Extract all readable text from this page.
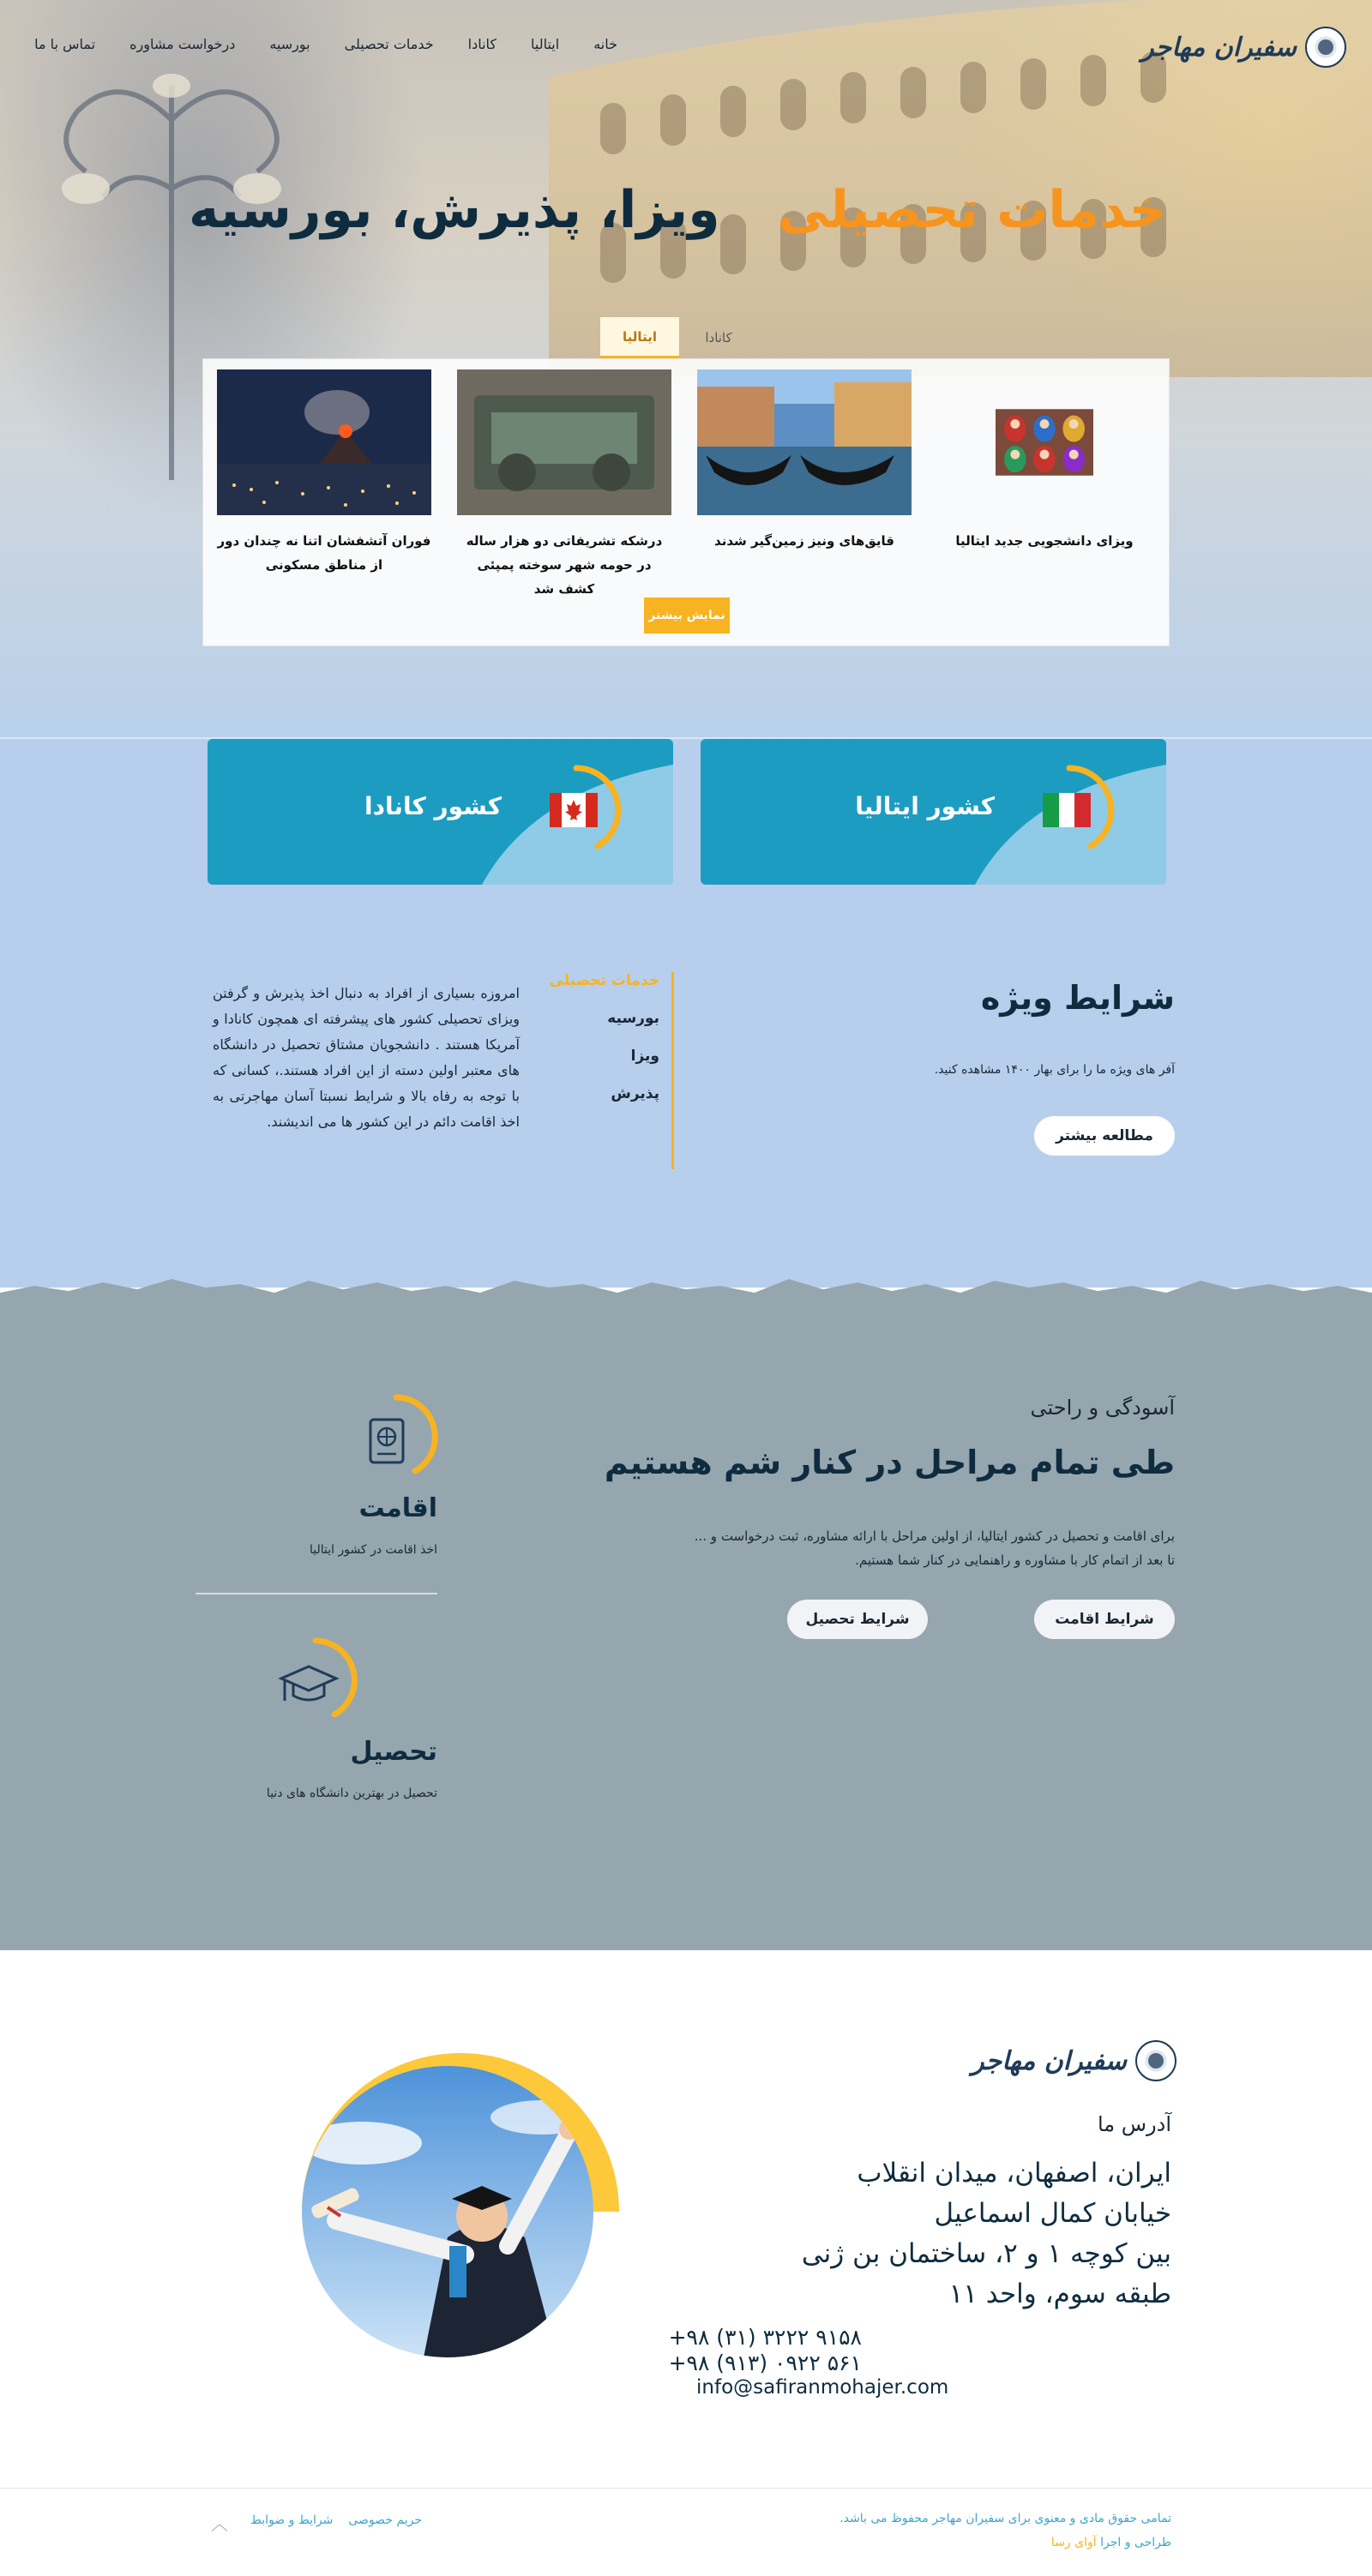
سفیران مهاجر
خانه
ایتالیا
کانادا
خدمات تحصیلی
بورسیه
درخواست مشاوره
تماس با ما
خدمات تحصیلی
ویزا، پذیرش، بورسیه
ایتالیا	کانادا
فوران آتشفشان اتنا نه چندان دور از مناطق مسکونی
درشکه تشریفاتی دو هزار ساله در حومه شهر سوخته پمپئی کشف شد
قایق‌های ونیز زمین‌گیر شدند	ویزای دانشجویی جدید ایتالیا
نمایش بیشتر
کشور ایتالیا
کشور کانادا
شرایط ویژه
آفر های ویژه ما را برای بهار ۱۴۰۰ مشاهده کنید.
مطالعه بیشتر
خدمات تحصیلی
بورسیه
ویزا
پذیرش
امروزه بسیاری از افراد به دنبال اخذ پذیرش و گرفتن ویزای تحصیلی کشور های پیشرفته ای همچون کانادا و آمریکا هستند . دانشجویان مشتاق تحصیل در دانشگاه های معتبر اولین دسته از این افراد هستند.، کسانی که با توجه به رفاه بالا و شرایط نسبتا آسان مهاجرتی به اخذ اقامت دائم در این کشور ها می اندیشند.
آسودگی و راحتی
طی تمام مراحل در کنار شم هستیم
برای اقامت و تحصیل در کشور ایتالیا، از اولین مراحل با ارائه مشاوره، ثبت درخواست و ... تا بعد از اتمام کار با مشاوره و راهنمایی در کنار شما هستیم.
شرایط اقامت
شرایط تحصیل
اقامت
اخذ اقامت در کشور ایتالیا
تحصیل
تحصیل در بهترین دانشگاه های دنیا
سفیران مهاجر
آدرس ما
ایران، اصفهان، میدان انقلاب
خیابان کمال اسماعیل
بین کوچه ۱ و ۲، ساختمان بن ژنی
طبقه سوم، واحد ۱۱
+۹۸ (۳۱) ۳۲۲۲ ۹۱۵۸
+۹۸ (۹۱۳) ۰۹۲۲ ۵۶۱
info@safiranmohajer.com
تمامی حقوق مادی و معنوی برای سفیران مهاجر محفوظ می باشد.
طراحی و اجرا آوای رسا
حریم خصوصی
شرایط و ضوابط
︿
